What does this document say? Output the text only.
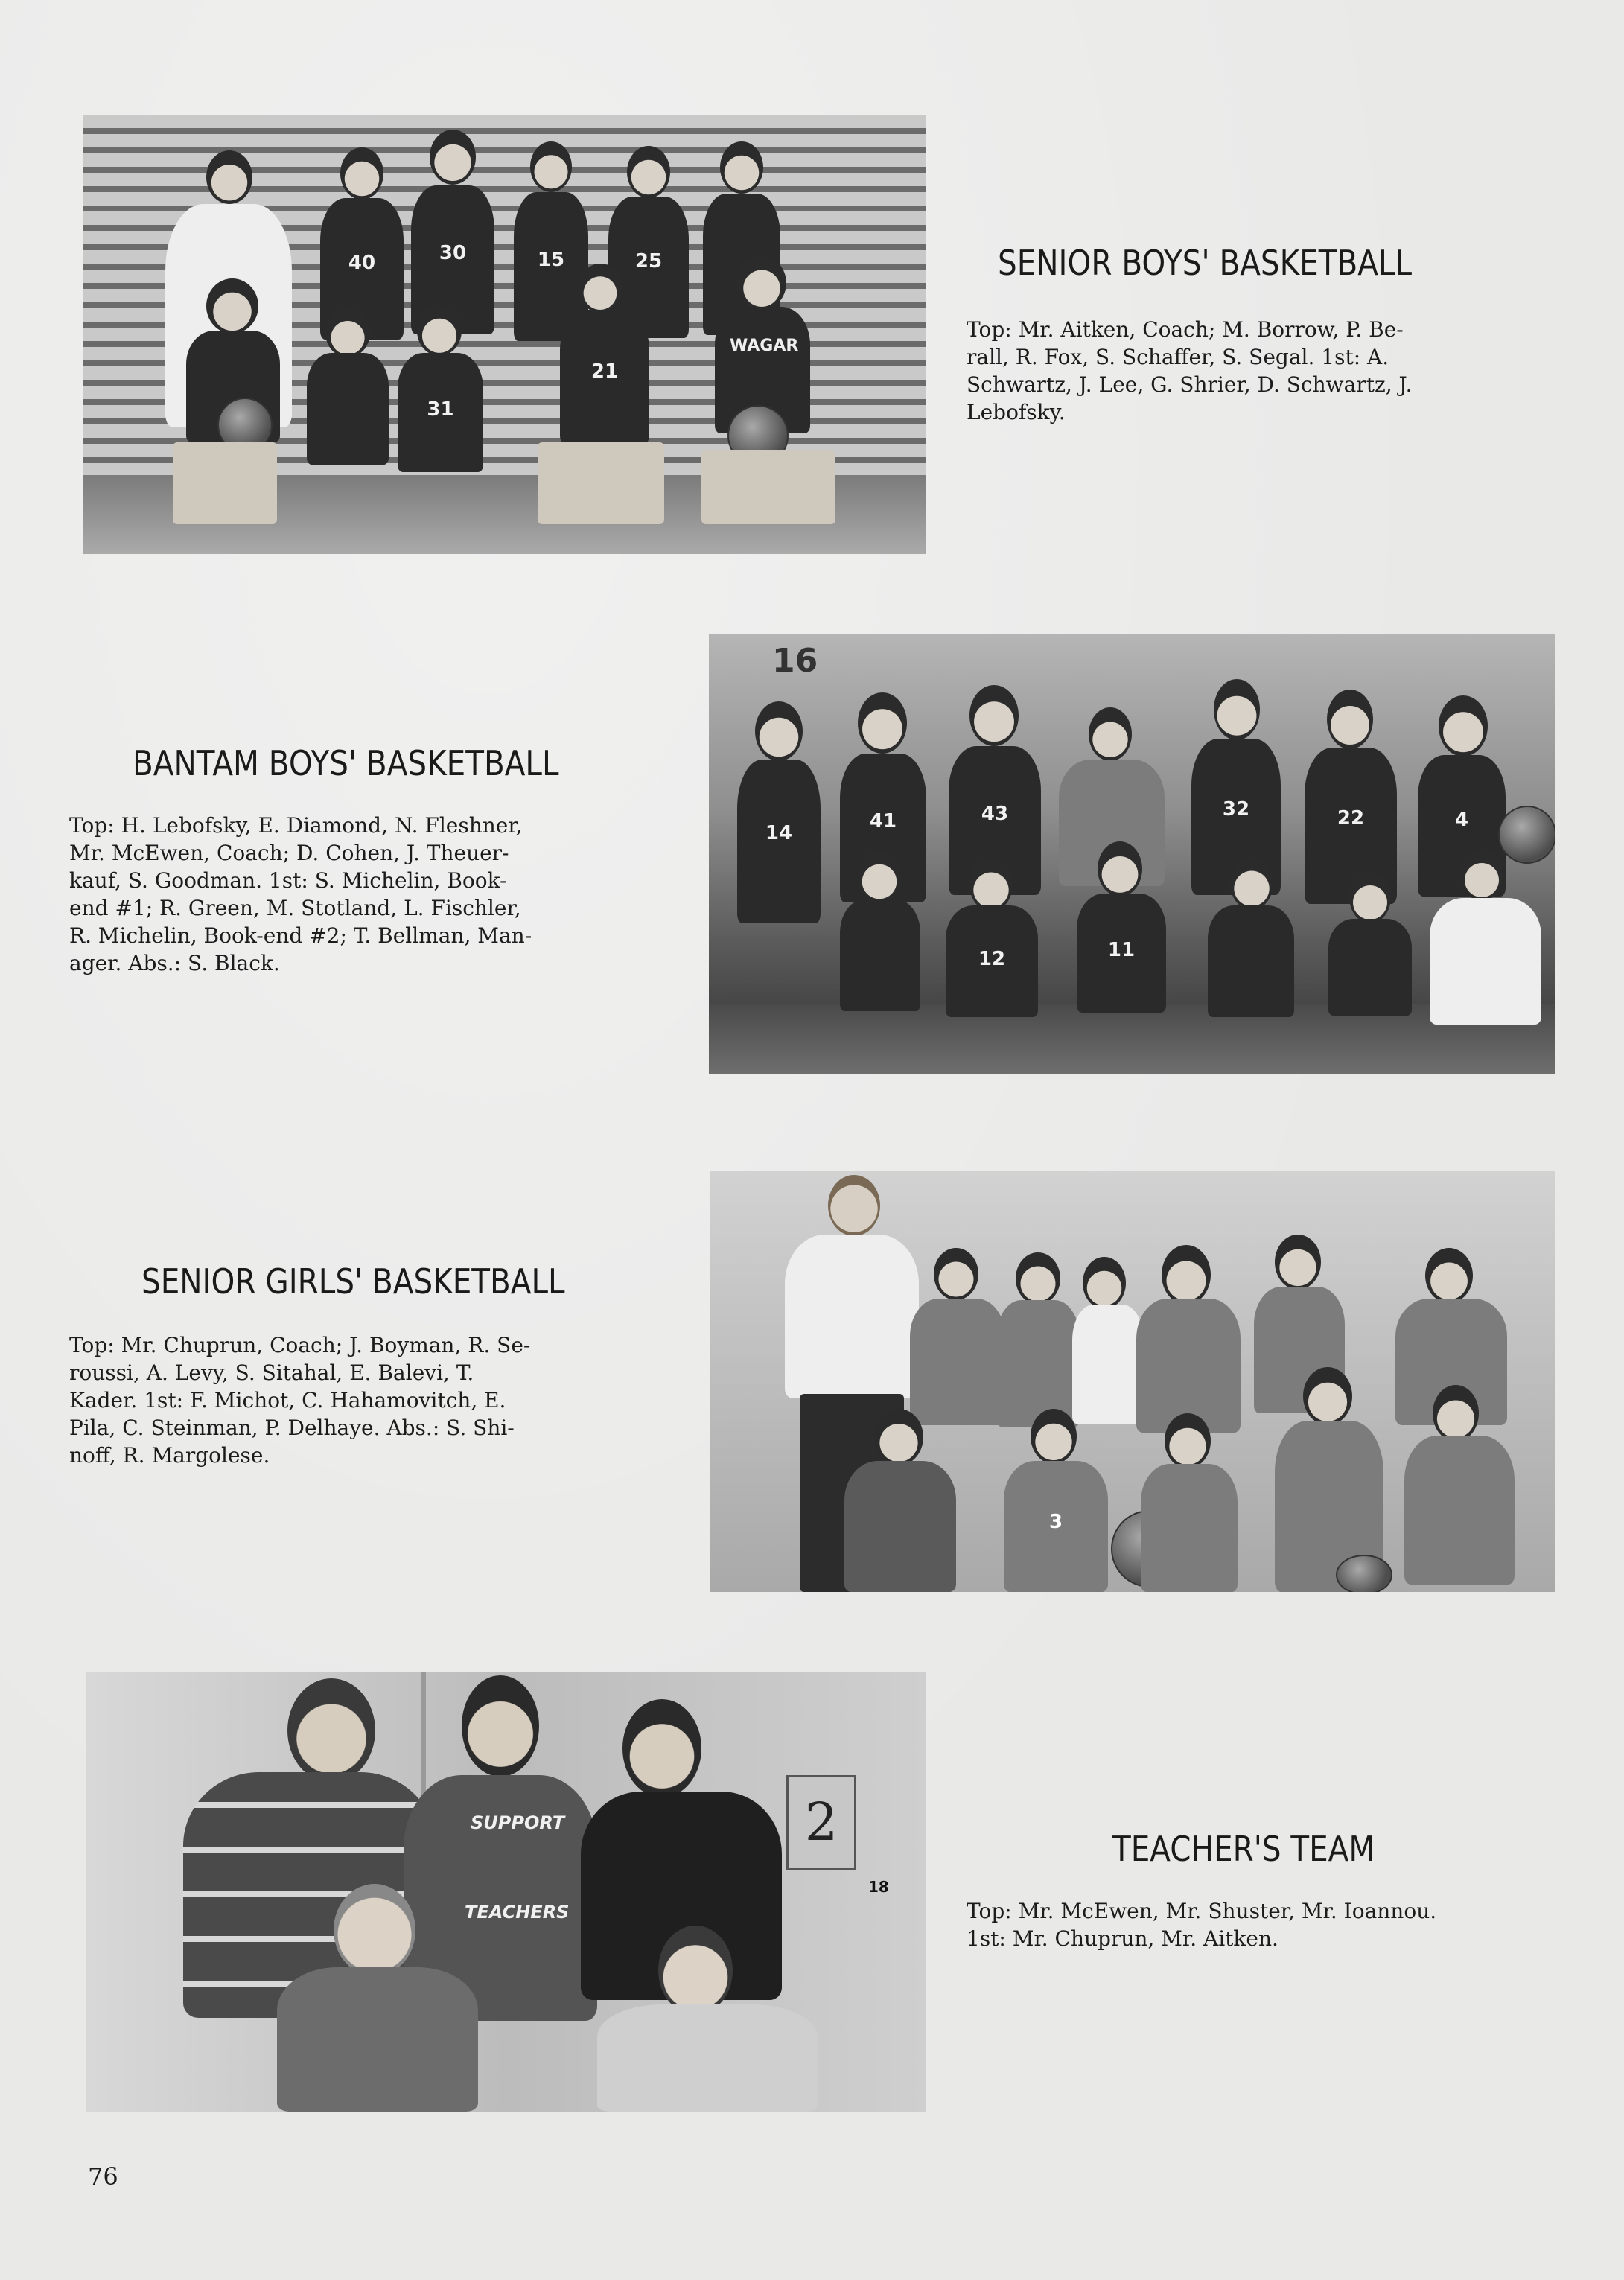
40	30	15	25
31
21
WAGAR
SENIOR BOYS' BASKETBALL
Top: Mr. Aitken, Coach; M. Borrow, P. Be-
rall, R. Fox, S. Schaffer, S. Segal. 1st: A.
Schwartz, J. Lee, G. Shrier, D. Schwartz, J.
Lebofsky.
BANTAM BOYS' BASKETBALL
Top: H. Lebofsky, E. Diamond, N. Fleshner,
Mr. McEwen, Coach; D. Cohen, J. Theuer-
kauf, S. Goodman. 1st: S. Michelin, Book-
end #1; R. Green, M. Stotland, L. Fischler,
R. Michelin, Book-end #2; T. Bellman, Man-
ager. Abs.: S. Black.
16
14
41	43	32	22	4
12	11
SENIOR GIRLS' BASKETBALL
Top: Mr. Chuprun, Coach; J. Boyman, R. Se-
roussi, A. Levy, S. Sitahal, E. Balevi, T.
Kader. 1st: F. Michot, C. Hahamovitch, E.
Pila, C. Steinman, P. Delhaye. Abs.: S. Shi-
noff, R. Margolese.
3
2
18
SUPPORT
TEACHERS
TEACHER'S TEAM
Top: Mr. McEwen, Mr. Shuster, Mr. Ioannou.
1st: Mr. Chuprun, Mr. Aitken.
76
